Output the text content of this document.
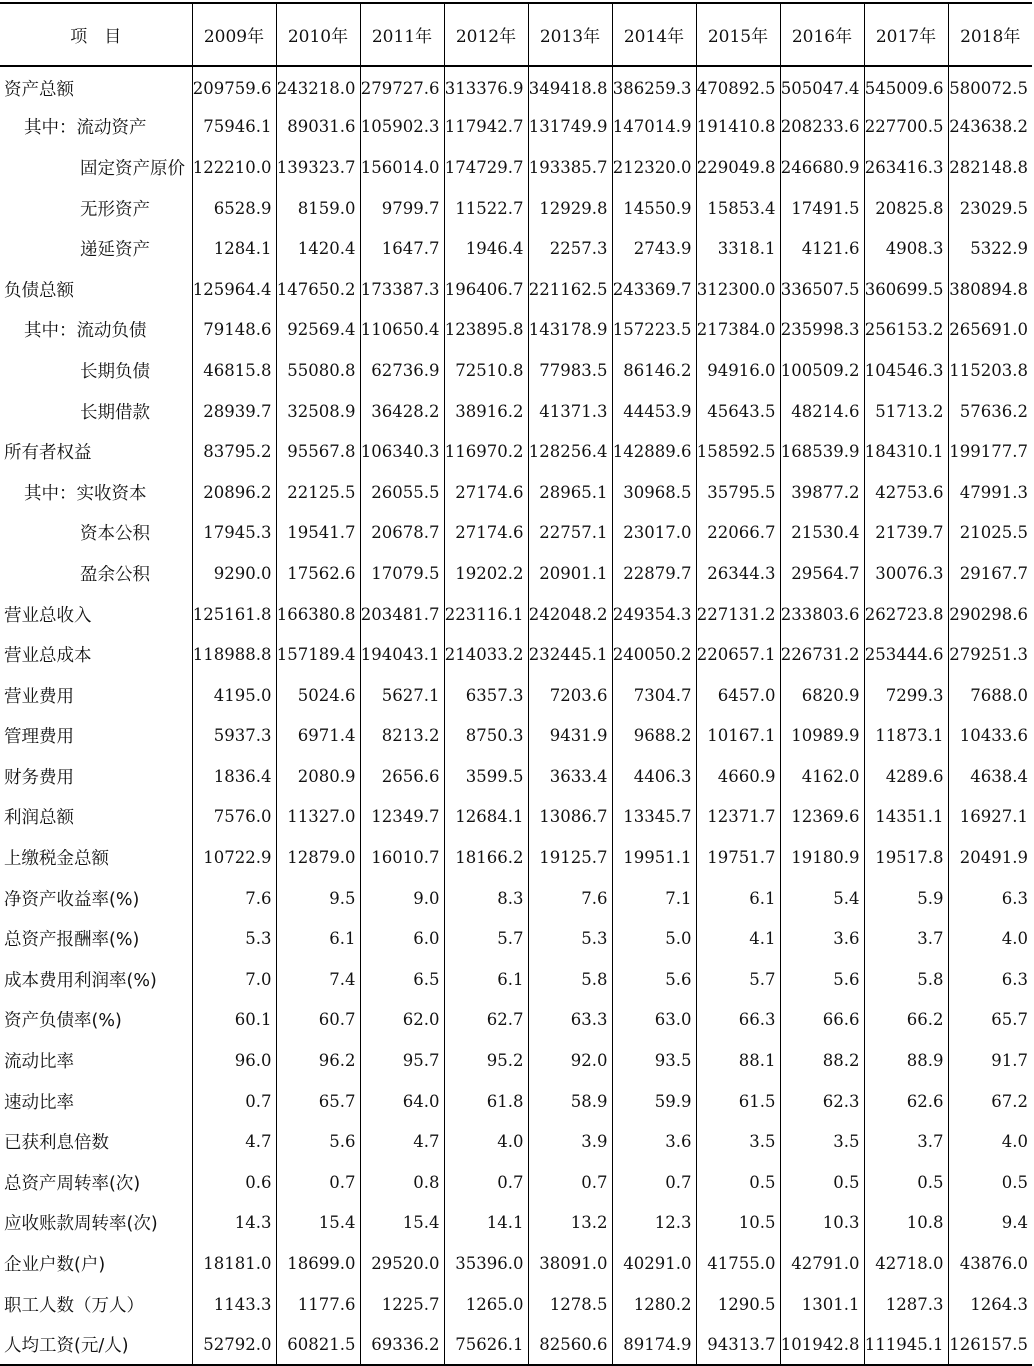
项　目	2009年	2010年	2011年	2012年	2013年	2014年	2015年	2016年	2017年	2018年
资产总额	209759.6	243218.0	279727.6	313376.9	349418.8	386259.3	470892.5	505047.4	545009.6	580072.5
其中：流动资产	75946.1	89031.6	105902.3	117942.7	131749.9	147014.9	191410.8	208233.6	227700.5	243638.2
固定资产原价	122210.0	139323.7	156014.0	174729.7	193385.7	212320.0	229049.8	246680.9	263416.3	282148.8
无形资产	6528.9	8159.0	9799.7	11522.7	12929.8	14550.9	15853.4	17491.5	20825.8	23029.5
递延资产	1284.1	1420.4	1647.7	1946.4	2257.3	2743.9	3318.1	4121.6	4908.3	5322.9
负债总额	125964.4	147650.2	173387.3	196406.7	221162.5	243369.7	312300.0	336507.5	360699.5	380894.8
其中：流动负债	79148.6	92569.4	110650.4	123895.8	143178.9	157223.5	217384.0	235998.3	256153.2	265691.0
长期负债	46815.8	55080.8	62736.9	72510.8	77983.5	86146.2	94916.0	100509.2	104546.3	115203.8
长期借款	28939.7	32508.9	36428.2	38916.2	41371.3	44453.9	45643.5	48214.6	51713.2	57636.2
所有者权益	83795.2	95567.8	106340.3	116970.2	128256.4	142889.6	158592.5	168539.9	184310.1	199177.7
其中：实收资本	20896.2	22125.5	26055.5	27174.6	28965.1	30968.5	35795.5	39877.2	42753.6	47991.3
资本公积	17945.3	19541.7	20678.7	27174.6	22757.1	23017.0	22066.7	21530.4	21739.7	21025.5
盈余公积	9290.0	17562.6	17079.5	19202.2	20901.1	22879.7	26344.3	29564.7	30076.3	29167.7
营业总收入	125161.8	166380.8	203481.7	223116.1	242048.2	249354.3	227131.2	233803.6	262723.8	290298.6
营业总成本	118988.8	157189.4	194043.1	214033.2	232445.1	240050.2	220657.1	226731.2	253444.6	279251.3
营业费用	4195.0	5024.6	5627.1	6357.3	7203.6	7304.7	6457.0	6820.9	7299.3	7688.0
管理费用	5937.3	6971.4	8213.2	8750.3	9431.9	9688.2	10167.1	10989.9	11873.1	10433.6
财务费用	1836.4	2080.9	2656.6	3599.5	3633.4	4406.3	4660.9	4162.0	4289.6	4638.4
利润总额	7576.0	11327.0	12349.7	12684.1	13086.7	13345.7	12371.7	12369.6	14351.1	16927.1
上缴税金总额	10722.9	12879.0	16010.7	18166.2	19125.7	19951.1	19751.7	19180.9	19517.8	20491.9
净资产收益率(%)	7.6	9.5	9.0	8.3	7.6	7.1	6.1	5.4	5.9	6.3
总资产报酬率(%)	5.3	6.1	6.0	5.7	5.3	5.0	4.1	3.6	3.7	4.0
成本费用利润率(%)	7.0	7.4	6.5	6.1	5.8	5.6	5.7	5.6	5.8	6.3
资产负债率(%)	60.1	60.7	62.0	62.7	63.3	63.0	66.3	66.6	66.2	65.7
流动比率	96.0	96.2	95.7	95.2	92.0	93.5	88.1	88.2	88.9	91.7
速动比率	0.7	65.7	64.0	61.8	58.9	59.9	61.5	62.3	62.6	67.2
已获利息倍数	4.7	5.6	4.7	4.0	3.9	3.6	3.5	3.5	3.7	4.0
总资产周转率(次)	0.6	0.7	0.8	0.7	0.7	0.7	0.5	0.5	0.5	0.5
应收账款周转率(次)	14.3	15.4	15.4	14.1	13.2	12.3	10.5	10.3	10.8	9.4
企业户数(户)	18181.0	18699.0	29520.0	35396.0	38091.0	40291.0	41755.0	42791.0	42718.0	43876.0
职工人数（万人）	1143.3	1177.6	1225.7	1265.0	1278.5	1280.2	1290.5	1301.1	1287.3	1264.3
人均工资(元/人)	52792.0	60821.5	69336.2	75626.1	82560.6	89174.9	94313.7	101942.8	111945.1	126157.5
